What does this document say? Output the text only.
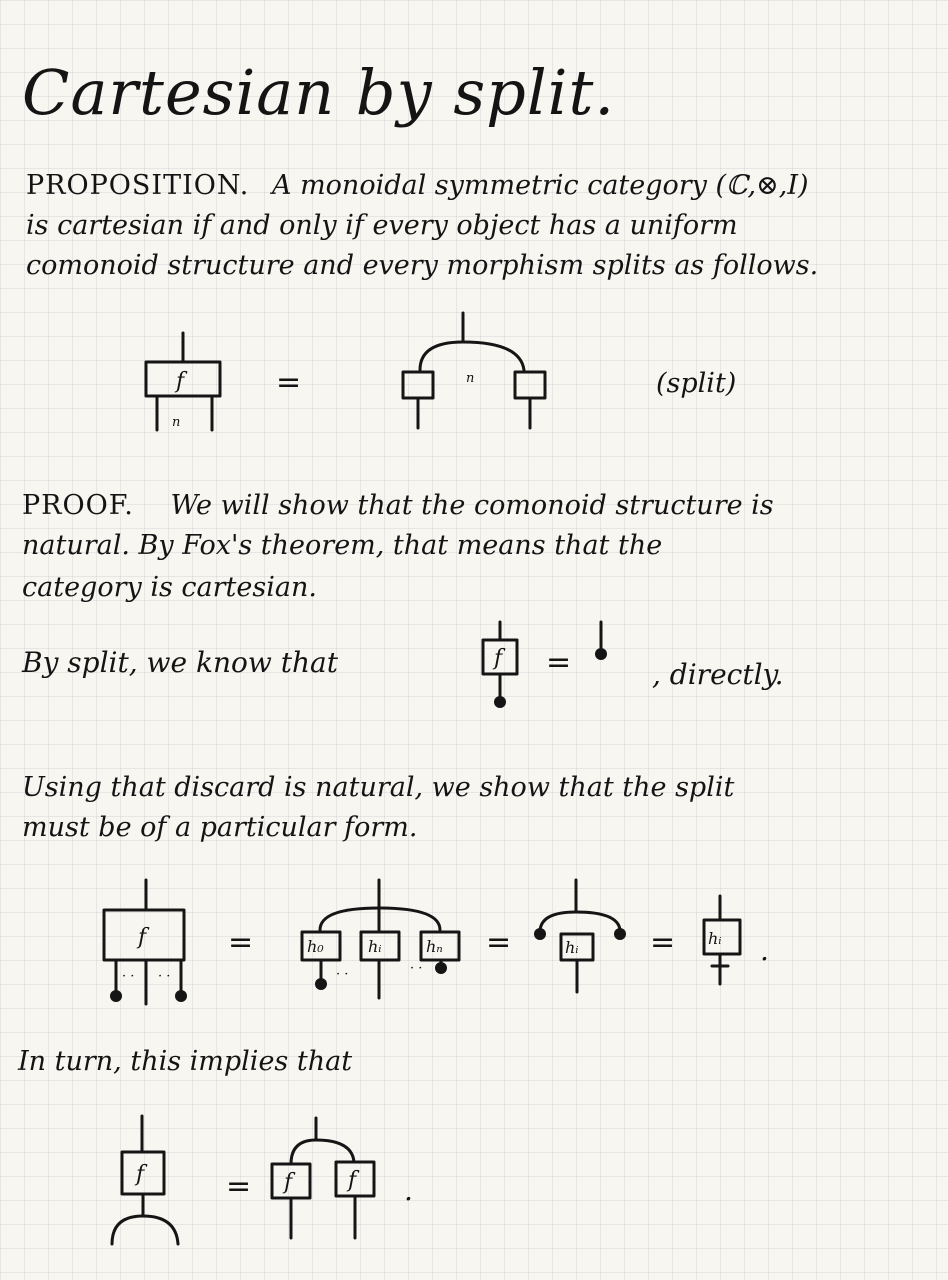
Cartesian by split.
PROPOSITION. A monoidal symmetric category (ℂ,⊗,I)
is cartesian if and only if every object has a uniform
comonoid structure and every morphism splits as follows.
f
n
=	n	(split)
PROOF. We will show that the comonoid structure is
natural. By Fox's theorem, that means that the
category is cartesian.
By split, we know that	f =	, directly.
Using that discard is natural, we show that the split
must be of a particular form.
f
· · · ·
=	h₀	hᵢ	hₙ
· ·	· ·
=	hᵢ = hᵢ .
In turn, this implies that
f	= f	f .
